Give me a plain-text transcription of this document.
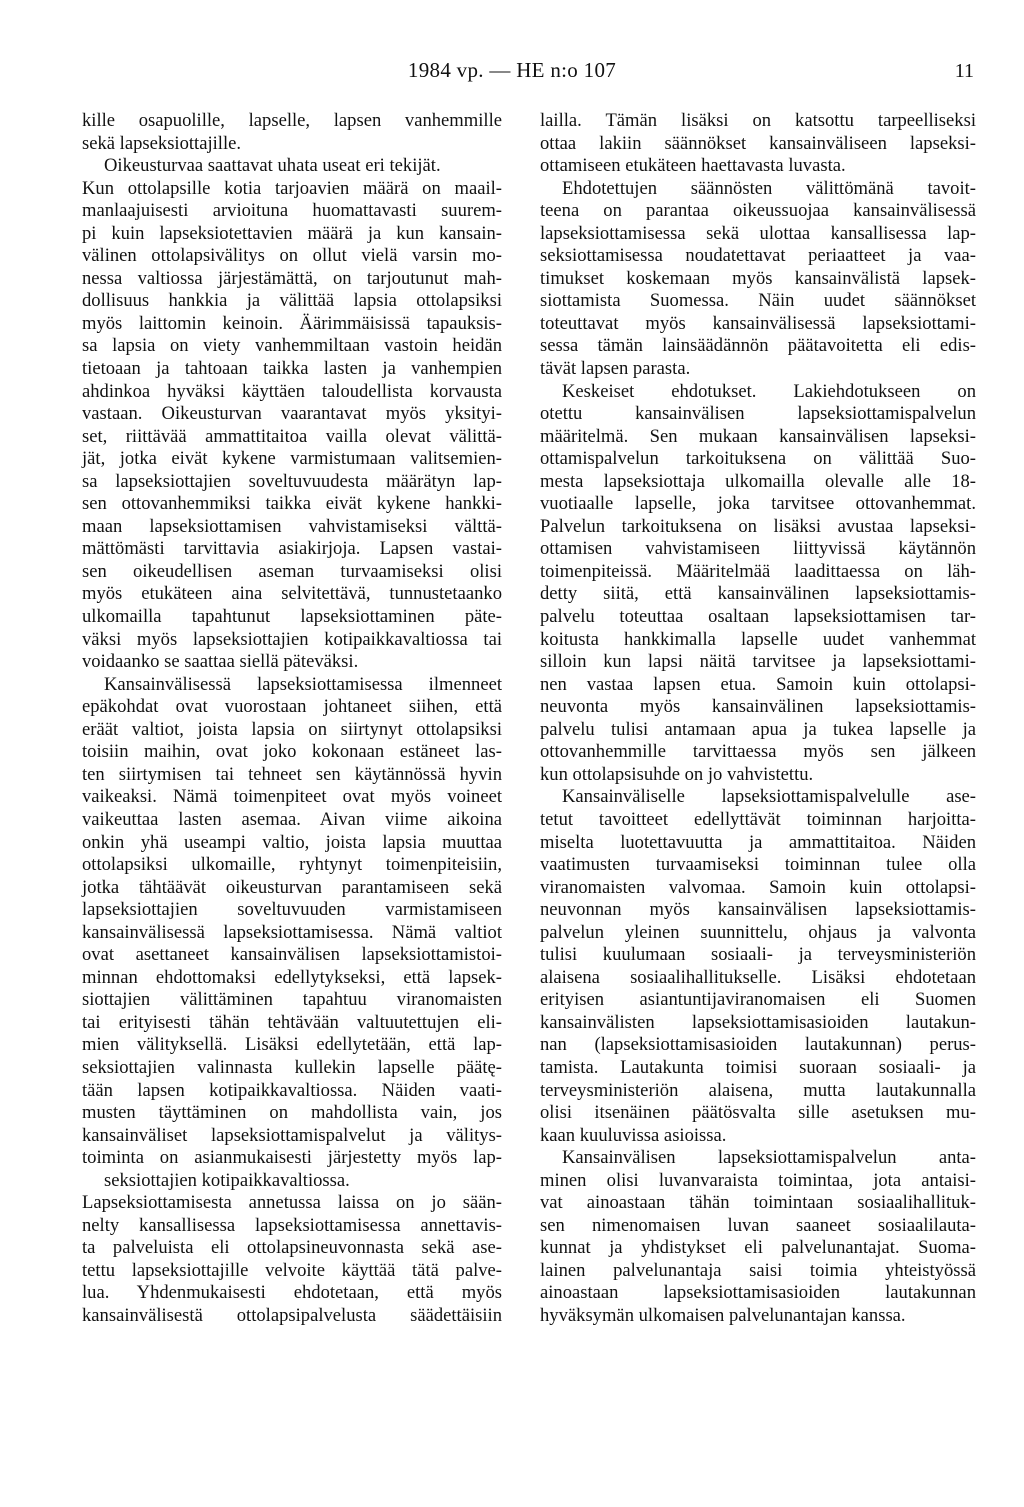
1984 vp. — HE n:o 107	11
kille osapuolille, lapselle, lapsen vanhemmille
sekä lapseksiottajille.
Oikeusturvaa saattavat uhata useat eri tekijät.
Kun ottolapsille kotia tarjoavien määrä on maail-
manlaajuisesti arvioituna huomattavasti suurem-
pi kuin lapseksiotettavien määrä ja kun kansain-
välinen ottolapsivälitys on ollut vielä varsin mo-
nessa valtiossa järjestämättä, on tarjoutunut mah-
dollisuus hankkia ja välittää lapsia ottolapsiksi
myös laittomin keinoin. Äärimmäisissä tapauksis-
sa lapsia on viety vanhemmiltaan vastoin heidän
tietoaan ja tahtoaan taikka lasten ja vanhempien
ahdinkoa hyväksi käyttäen taloudellista korvausta
vastaan. Oikeusturvan vaarantavat myös yksityi-
set, riittävää ammattitaitoa vailla olevat välittä-
jät, jotka eivät kykene varmistumaan valitsemien-
sa lapseksiottajien soveltuvuudesta määrätyn lap-
sen ottovanhemmiksi taikka eivät kykene hankki-
maan lapseksiottamisen vahvistamiseksi välttä-
mättömästi tarvittavia asiakirjoja. Lapsen vastai-
sen oikeudellisen aseman turvaamiseksi olisi
myös etukäteen aina selvitettävä, tunnustetaanko
ulkomailla tapahtunut lapseksiottaminen päte-
väksi myös lapseksiottajien kotipaikkavaltiossa tai
voidaanko se saattaa siellä päteväksi.
Kansainvälisessä lapseksiottamisessa ilmenneet
epäkohdat ovat vuorostaan johtaneet siihen, että
eräät valtiot, joista lapsia on siirtynyt ottolapsiksi
toisiin maihin, ovat joko kokonaan estäneet las-
ten siirtymisen tai tehneet sen käytännössä hyvin
vaikeaksi. Nämä toimenpiteet ovat myös voineet
vaikeuttaa lasten asemaa. Aivan viime aikoina
onkin yhä useampi valtio, joista lapsia muuttaa
ottolapsiksi ulkomaille, ryhtynyt toimenpiteisiin,
jotka tähtäävät oikeusturvan parantamiseen sekä
lapseksiottajien soveltuvuuden varmistamiseen
kansainvälisessä lapseksiottamisessa. Nämä valtiot
ovat asettaneet kansainvälisen lapseksiottamistoi-
minnan ehdottomaksi edellytykseksi, että lapsek-
siottajien välittäminen tapahtuu viranomaisten
tai erityisesti tähän tehtävään valtuutettujen eli-
mien välityksellä. Lisäksi edellytetään, että lap-
seksiottajien valinnasta kullekin lapselle päätę-
tään lapsen kotipaikkavaltiossa. Näiden vaati-
musten täyttäminen on mahdollista vain, jos
kansainväliset lapseksiottamispalvelut ja välitys-
toiminta on asianmukaisesti järjestetty myös lap-
seksiottajien kotipaikkavaltiossa.
Lapseksiottamisesta annetussa laissa on jo sään-
nelty kansallisessa lapseksiottamisessa annettavis-
ta palveluista eli ottolapsineuvonnasta sekä ase-
tettu lapseksiottajille velvoite käyttää tätä palve-
lua. Yhdenmukaisesti ehdotetaan, että myös
kansainvälisestä ottolapsipalvelusta säädettäisiin
lailla. Tämän lisäksi on katsottu tarpeelliseksi
ottaa lakiin säännökset kansainväliseen lapseksi-
ottamiseen etukäteen haettavasta luvasta.
Ehdotettujen säännösten välittömänä tavoit-
teena on parantaa oikeussuojaa kansainvälisessä
lapseksiottamisessa sekä ulottaa kansallisessa lap-
seksiottamisessa noudatettavat periaatteet ja vaa-
timukset koskemaan myös kansainvälistä lapsek-
siottamista Suomessa. Näin uudet säännökset
toteuttavat myös kansainvälisessä lapseksiottami-
sessa tämän lainsäädännön päätavoitetta eli edis-
tävät lapsen parasta.
Keskeiset ehdotukset. Lakiehdotukseen on
otettu kansainvälisen lapseksiottamispalvelun
määritelmä. Sen mukaan kansainvälisen lapseksi-
ottamispalvelun tarkoituksena on välittää Suo-
mesta lapseksiottaja ulkomailla olevalle alle 18-
vuotiaalle lapselle, joka tarvitsee ottovanhemmat.
Palvelun tarkoituksena on lisäksi avustaa lapseksi-
ottamisen vahvistamiseen liittyvissä käytännön
toimenpiteissä. Määritelmää laadittaessa on läh-
detty siitä, että kansainvälinen lapseksiottamis-
palvelu toteuttaa osaltaan lapseksiottamisen tar-
koitusta hankkimalla lapselle uudet vanhemmat
silloin kun lapsi näitä tarvitsee ja lapseksiottami-
nen vastaa lapsen etua. Samoin kuin ottolapsi-
neuvonta myös kansainvälinen lapseksiottamis-
palvelu tulisi antamaan apua ja tukea lapselle ja
ottovanhemmille tarvittaessa myös sen jälkeen
kun ottolapsisuhde on jo vahvistettu.
Kansainväliselle lapseksiottamispalvelulle ase-
tetut tavoitteet edellyttävät toiminnan harjoitta-
miselta luotettavuutta ja ammattitaitoa. Näiden
vaatimusten turvaamiseksi toiminnan tulee olla
viranomaisten valvomaa. Samoin kuin ottolapsi-
neuvonnan myös kansainvälisen lapseksiottamis-
palvelun yleinen suunnittelu, ohjaus ja valvonta
tulisi kuulumaan sosiaali- ja terveysministeriön
alaisena sosiaalihallitukselle. Lisäksi ehdotetaan
erityisen asiantuntijaviranomaisen eli Suomen
kansainvälisten lapseksiottamisasioiden lautakun-
nan (lapseksiottamisasioiden lautakunnan) perus-
tamista. Lautakunta toimisi suoraan sosiaali- ja
terveysministeriön alaisena, mutta lautakunnalla
olisi itsenäinen päätösvalta sille asetuksen mu-
kaan kuuluvissa asioissa.
Kansainvälisen lapseksiottamispalvelun anta-
minen olisi luvanvaraista toimintaa, jota antaisi-
vat ainoastaan tähän toimintaan sosiaalihallituk-
sen nimenomaisen luvan saaneet sosiaalilauta-
kunnat ja yhdistykset eli palvelunantajat. Suoma-
lainen palvelunantaja saisi toimia yhteistyössä
ainoastaan lapseksiottamisasioiden lautakunnan
hyväksymän ulkomaisen palvelunantajan kanssa.
